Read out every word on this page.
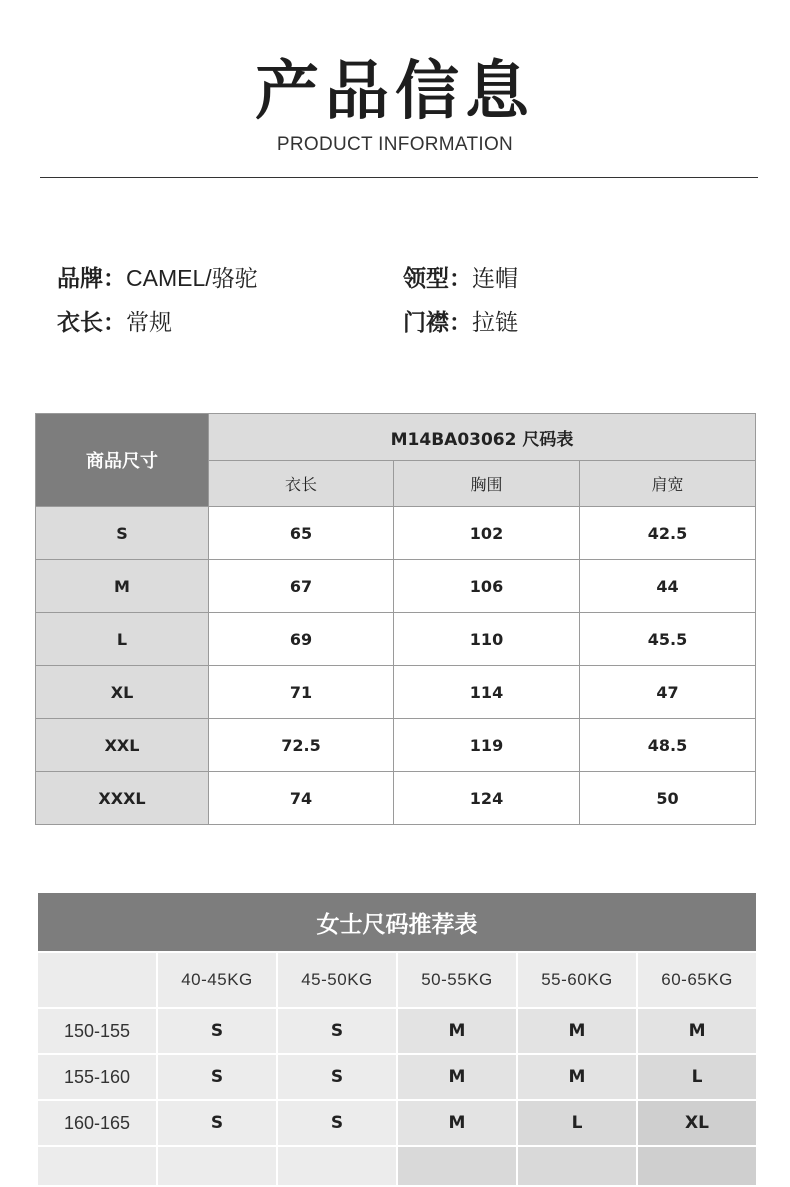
产品信息
PRODUCT INFORMATION
品牌：CAMEL/骆驼	领型：连帽
衣长：常规	门襟：拉链
商品尺寸	M14BA03062 尺码表		
	衣长	胸围	肩宽
S	65	102	42.5
M	67	106	44
L	69	110	45.5
XL	71	114	47
XXL	72.5	119	48.5
XXXL	74	124	50
女士尺码推荐表					
	40-45KG	45-50KG	50-55KG	55-60KG	60-65KG
150-155	S	S	M	M	M
155-160	S	S	M	M	L
160-165	S	S	M	L	XL
